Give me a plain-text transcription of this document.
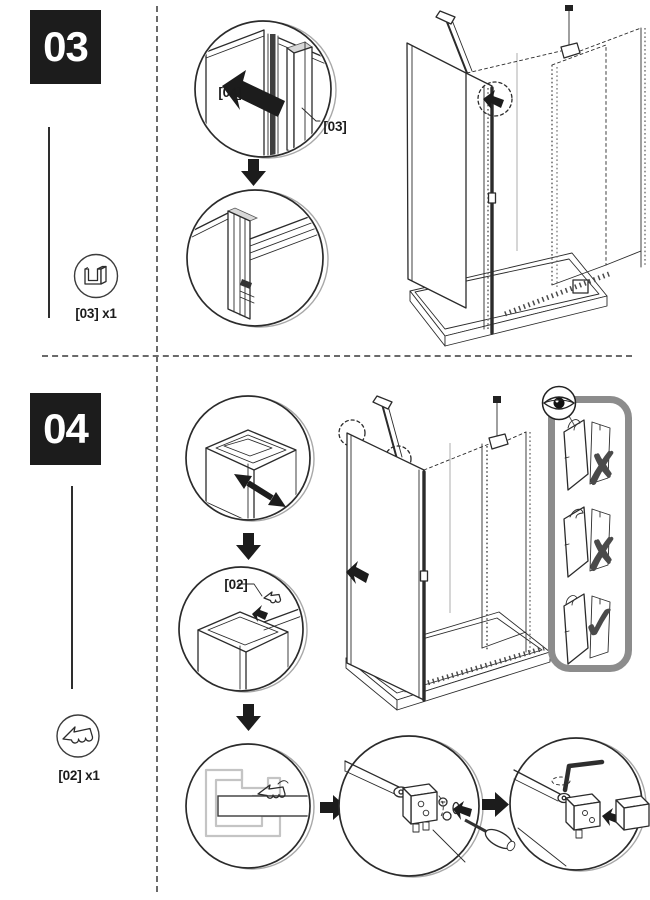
03
[03] x1
[04]
[03]
04
[02] x1
[02]
✗
✗
✓
